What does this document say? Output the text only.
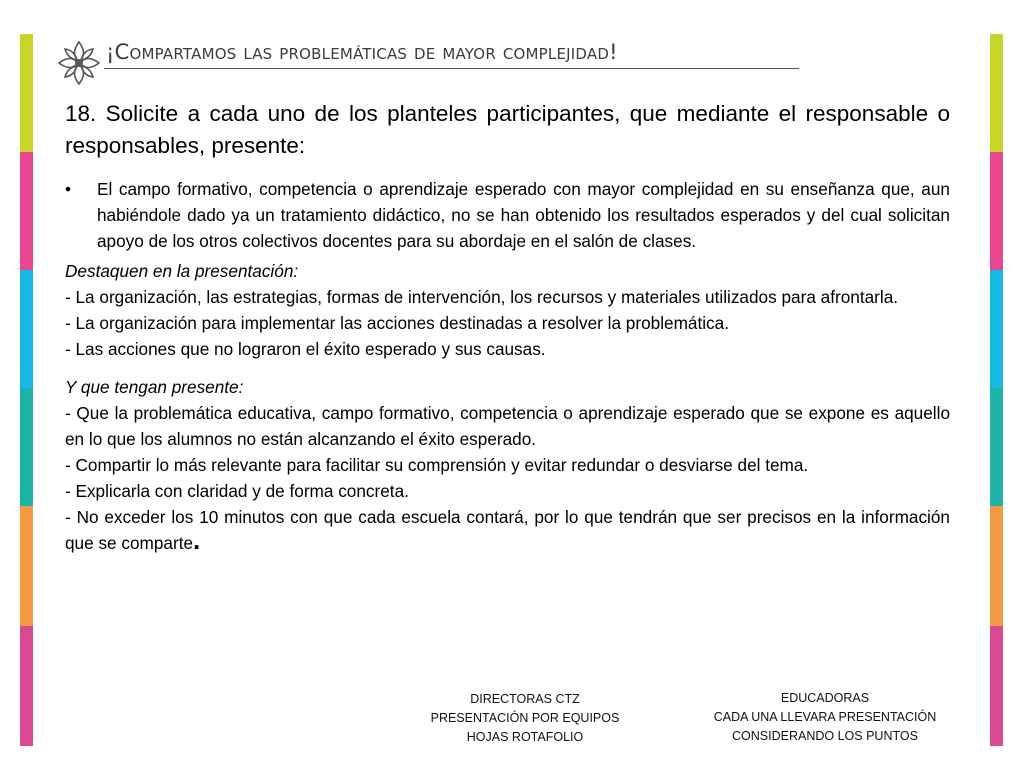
¡Compartamos las problemáticas de mayor complejidad!

18. Solicite a cada uno de los planteles participantes, que mediante el responsable o responsables, presente:

• El campo formativo, competencia o aprendizaje esperado con mayor complejidad en su enseñanza que, aun habiéndole dado ya un tratamiento didáctico, no se han obtenido los resultados esperados y del cual solicitan apoyo de los otros colectivos docentes para su abordaje en el salón de clases.

Destaquen en la presentación:

- La organización, las estrategias, formas de intervención, los recursos y materiales utilizados para afrontarla.

- La organización para implementar las acciones destinadas a resolver la problemática.

- Las acciones que no lograron el éxito esperado y sus causas.

Y que tengan presente:

- Que la problemática educativa, campo formativo, competencia o aprendizaje esperado que se expone es aquello en lo que los alumnos no están alcanzando el éxito esperado.

- Compartir lo más relevante para facilitar su comprensión y evitar redundar o desviarse del tema.

- Explicarla con claridad y de forma concreta.

- No exceder los 10 minutos con que cada escuela contará, por lo que tendrán que ser precisos en la información que se comparte.

DIRECTORAS CTZ
PRESENTACIÓN POR EQUIPOS
HOJAS ROTAFOLIO
EDUCADORAS
CADA UNA LLEVARA PRESENTACIÓN
CONSIDERANDO LOS PUNTOS
